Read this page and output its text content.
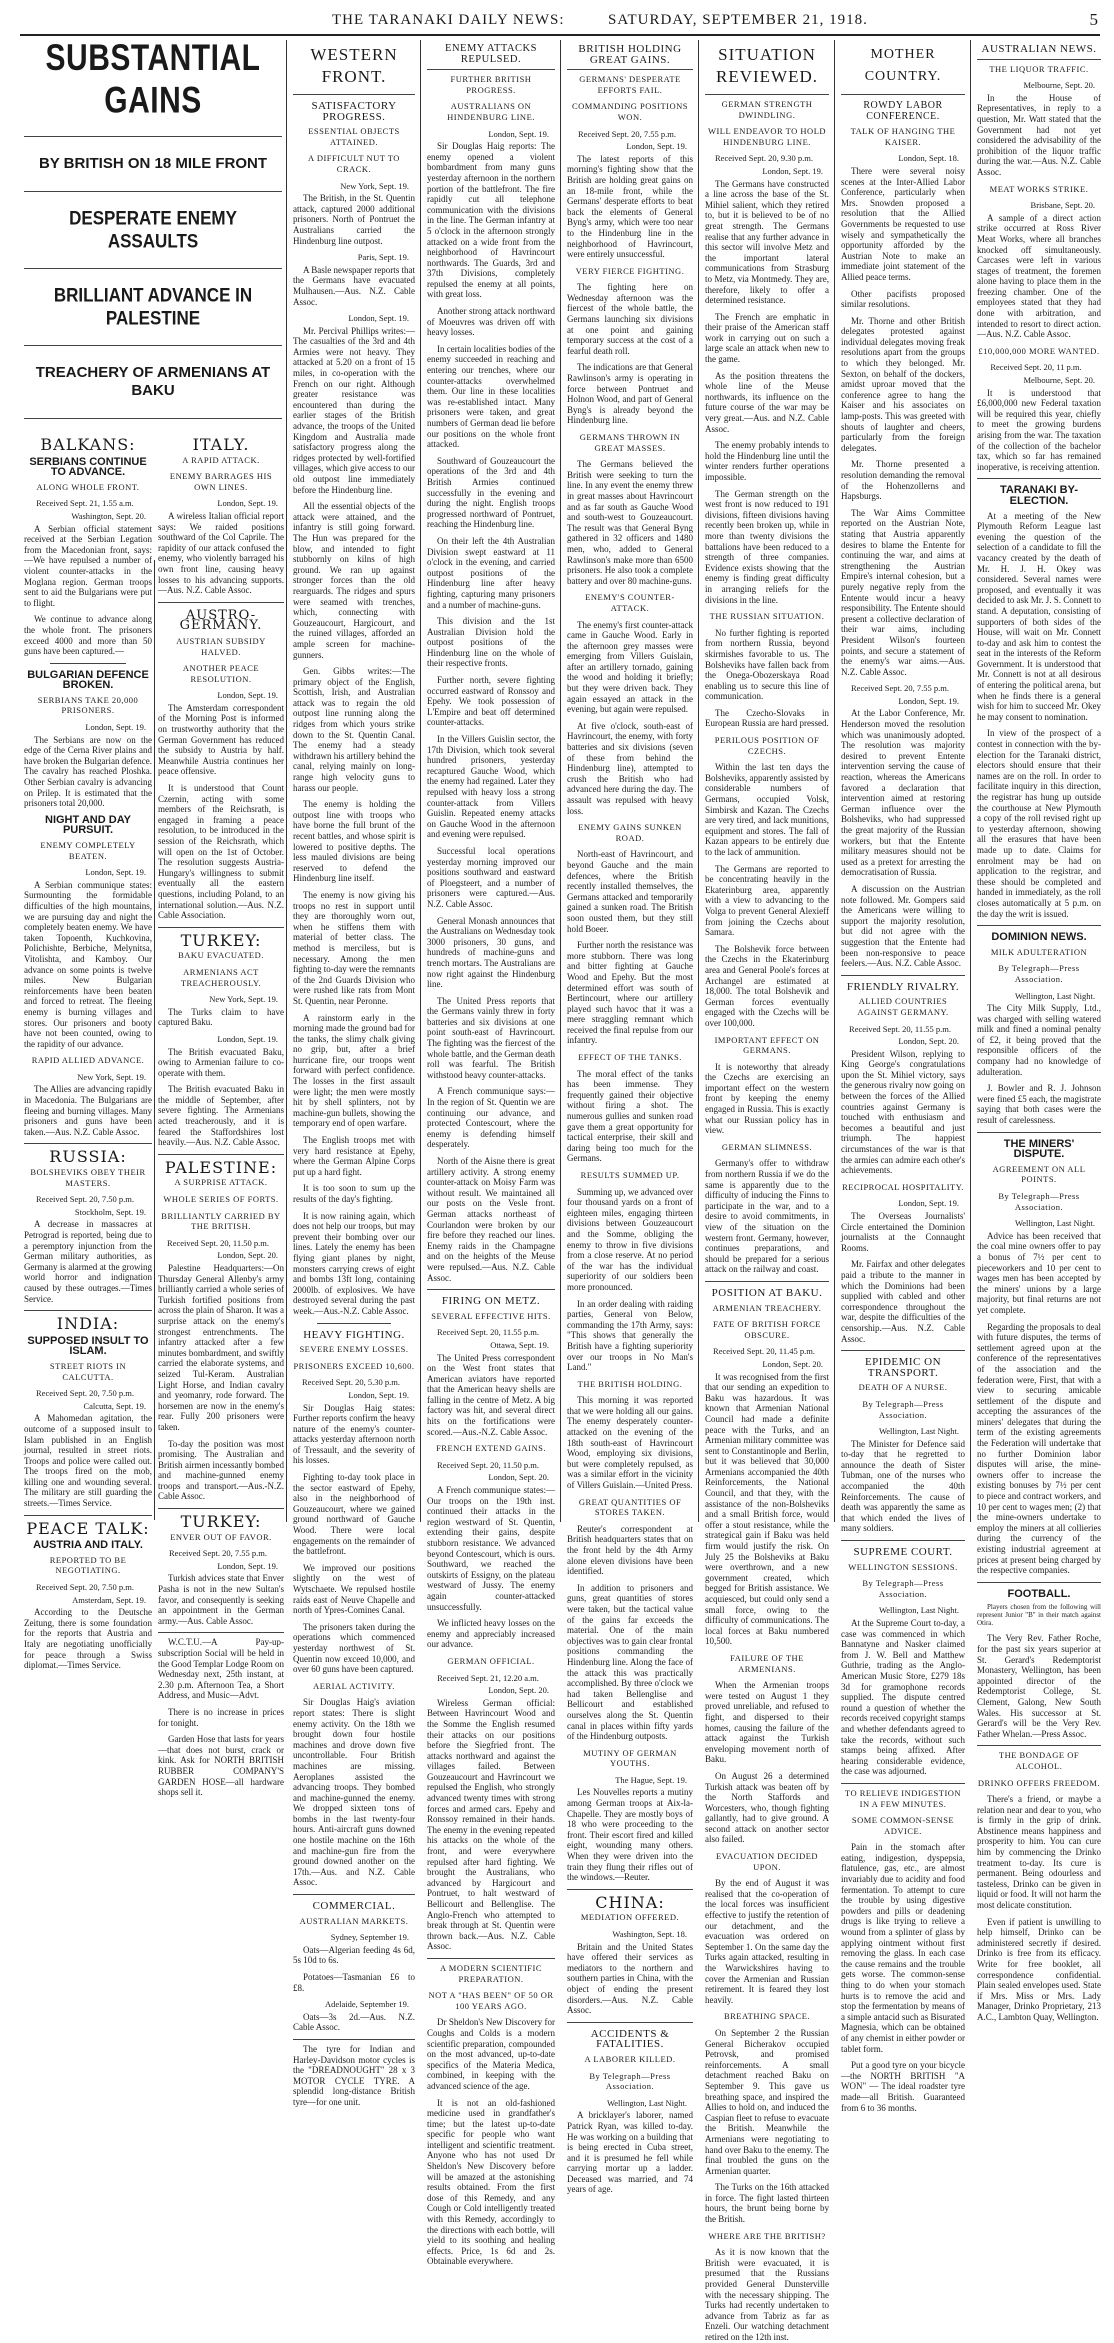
THE TARANAKI DAILY NEWS:	SATURDAY, SEPTEMBER 21, 1918.	5
SUBSTANTIAL GAINS
BY BRITISH ON 18 MILE FRONT
DESPERATE ENEMY ASSAULTS
BRILLIANT ADVANCE IN PALESTINE
TREACHERY OF ARMENIANS AT BAKU
BALKANS:
SERBIANS CONTINUE TO ADVANCE.
ALONG WHOLE FRONT.
Received Sept. 21, 1.55 a.m.
Washington, Sept. 20.

A Serbian official statement received at the Serbian Legation from the Macedonian front, says:—We have repulsed a number of violent counter-attacks in the Moglana region. German troops sent to aid the Bulgarians were put to flight.

We continue to advance along the whole front. The prisoners exceed 4000 and more than 50 guns have been captured.—

BULGARIAN DEFENCE BROKEN.
SERBIANS TAKE 20,000 PRISONERS.
London, Sept. 19.

The Serbians are now on the edge of the Cerna River plains and have broken the Bulgarian defence. The cavalry has reached Ploshka. Other Serbian cavalry is advancing on Prilep. It is estimated that the prisoners total 20,000.

NIGHT AND DAY PURSUIT.
ENEMY COMPLETELY BEATEN.
London, Sept. 19.

A Serbian communique states: Surmounting the formidable difficulties of the high mountains, we are pursuing day and night the completely beaten enemy. We have taken Topoenth, Kuchkovina, Polichishte, Berbiche, Melynitsa, Vitolishta, and Kamboy. Our advance on some points is twelve miles. New Bulgarian reinforcements have been beaten and forced to retreat. The fleeing enemy is burning villages and stores. Our prisoners and booty have not been counted, owing to the rapidity of our advance.

RAPID ALLIED ADVANCE.
New York, Sept. 19.

The Allies are advancing rapidly in Macedonia. The Bulgarians are fleeing and burning villages. Many prisoners and guns have been taken.—Aus. N.Z. Cable Assoc.

RUSSIA:
BOLSHEVIKS OBEY THEIR MASTERS.
Received Sept. 20, 7.50 p.m.
Stockholm, Sept. 19.

A decrease in massacres at Petrograd is reported, being due to a peremptory injunction from the German military authorities, as Germany is alarmed at the growing world horror and indignation caused by these outrages.—Times Service.

INDIA:
SUPPOSED INSULT TO ISLAM.
STREET RIOTS IN CALCUTTA.
Received Sept. 20, 7.50 p.m.
Calcutta, Sept. 19.

A Mahomedan agitation, the outcome of a supposed insult to Islam published in an English journal, resulted in street riots. Troops and police were called out. The troops fired on the mob, killing one and wounding several. The military are still guarding the streets.—Times Service.

PEACE TALK:
AUSTRIA AND ITALY.
REPORTED TO BE NEGOTIATING.
Received Sept. 20, 7.50 p.m.
Amsterdam, Sept. 19.

According to the Deutsche Zeitung, there is some foundation for the reports that Austria and Italy are negotiating unofficially for peace through a Swiss diplomat.—Times Service.

ITALY.
A RAPID ATTACK.
ENEMY BARRAGES HIS OWN LINES.
London, Sept. 19.

A wireless Italian official report says: We raided positions southward of the Col Caprile. The rapidity of our attack confused the enemy, who violently barraged his own front line, causing heavy losses to his advancing supports.—Aus. N.Z. Cable Assoc.

AUSTRO-GERMANY.
AUSTRIAN SUBSIDY HALVED.
ANOTHER PEACE RESOLUTION.
London, Sept. 19.

The Amsterdam correspondent of the Morning Post is informed on trustworthy authority that the German Government has reduced the subsidy to Austria by half. Meanwhile Austria continues her peace offensive.

It is understood that Count Czernin, acting with some members of the Reichsrath, is engaged in framing a peace resolution, to be introduced in the session of the Reichsrath, which will open on the 1st of October. The resolution suggests Austria-Hungary's willingness to submit eventually all the eastern questions, including Poland, to an international solution.—Aus. N.Z. Cable Association.

TURKEY:
BAKU EVACUATED.
ARMENIANS ACT TREACHEROUSLY.
New York, Sept. 19.

The Turks claim to have captured Baku.

London, Sept. 19.

The British evacuated Baku, owing to Armenian failure to co-operate with them.

The British evacuated Baku in the middle of September, after severe fighting. The Armenians acted treacherously, and it is feared the Staffordshires lost heavily.—Aus. N.Z. Cable Assoc.

PALESTINE:
A SURPRISE ATTACK.
WHOLE SERIES OF FORTS.
BRILLIANTLY CARRIED BY THE BRITISH.
Received Sept. 20, 11.50 p.m.
London, Sept. 20.

Palestine Headquarters:—On Thursday General Allenby's army brilliantly carried a whole series of Turkish fortified positions from across the plain of Sharon. It was a surprise attack on the enemy's strongest entrenchments. The infantry attacked after a few minutes bombardment, and swiftly carried the elaborate systems, and seized Tul-Keram. Australian Light Horse, and Indian cavalry and yeomanry, rode forward. The horsemen are now in the enemy's rear. Fully 200 prisoners were taken.

To-day the position was most promising. The Australian and British airmen incessantly bombed and machine-gunned enemy troops and transport.—Aus.-N.Z. Cable Assoc.

TURKEY:
ENVER OUT OF FAVOR.
Received Sept. 20, 7.55 p.m.
London, Sept. 19.

Turkish advices state that Enver Pasha is not in the new Sultan's favor, and consequently is seeking an appointment in the German army.—Aus. Cable Assoc.

W.C.T.U.—A Pay-up-subscription Social will be held in the Good Templar Lodge Room on Wednesday next, 25th instant, at 2.30 p.m. Afternoon Tea, a Short Address, and Music—Advt.

There is no increase in prices for tonight.

Garden Hose that lasts for years—that does not burst, crack or kink. Ask for NORTH BRITISH RUBBER COMPANY'S GARDEN HOSE—all hardware shops sell it.

WESTERN FRONT.
SATISFACTORY PROGRESS.
ESSENTIAL OBJECTS ATTAINED.
A DIFFICULT NUT TO CRACK.
New York, Sept. 19.

The British, in the St. Quentin attack, captured 2000 additional prisoners. North of Pontruet the Australians carried the Hindenburg line outpost.

Paris, Sept. 19.

A Basle newspaper reports that the Germans have evacuated Mulhausen.—Aus. N.Z. Cable Assoc.

London, Sept. 19.

Mr. Percival Phillips writes:—The casualties of the 3rd and 4th Armies were not heavy. They attacked at 5.20 on a front of 15 miles, in co-operation with the French on our right. Although greater resistance was encountered than during the earlier stages of the British advance, the troops of the United Kingdom and Australia made satisfactory progress along the ridges protected by well-fortified villages, which give access to our old outpost line immediately before the Hindenburg line.

All the essential objects of the attack were attained, and the infantry is still going forward. The Hun was prepared for the blow, and intended to fight stubbornly on kilns of high ground. We ran up against stronger forces than the old rearguards. The ridges and spurs were seamed with trenches, which, connecting with Gouzeaucourt, Hargicourt, and the ruined villages, afforded an ample screen for machine-gunners.

Gen. Gibbs writes:—The primary object of the English, Scottish, Irish, and Australian attack was to regain the old outpost line running along the ridges from which yours strike down to the St. Quentin Canal. The enemy had a steady withdrawn his artillery behind the canal, relying mainly on long-range high velocity guns to harass our people.

The enemy is holding the outpost line with troops who have borne the full brunt of the recent battles, and whose spirit is lowered to positive depths. The less mauled divisions are being reserved to defend the Hindenburg line itself.

The enemy is now giving his troops no rest in support until they are thoroughly worn out, when he stiffens them with material of better class. The method is merciless, but is necessary. Among the men fighting to-day were the remnants of the 2nd Guards Division who were rushed like rats from Mont St. Quentin, near Peronne.

A rainstorm early in the morning made the ground bad for the tanks, the slimy chalk giving no grip, but, after a brief hurricane fire, our troops went forward with perfect confidence. The losses in the first assault were light; the men were mostly hit by shell splinters, not by machine-gun bullets, showing the temporary end of open warfare.

The English troops met with very hard resistance at Epehy, where the German Alpine Corps put up a hard fight.

It is too soon to sum up the results of the day's fighting.

It is now raining again, which does not help our troops, but may prevent their bombing over our lines. Lately the enemy has been flying giant planes by night, monsters carrying crews of eight and bombs 13ft long, containing 2000lb. of explosives. We have destroyed several during the past week.—Aus.-N.Z. Cable Assoc.

HEAVY FIGHTING.
SEVERE ENEMY LOSSES.
PRISONERS EXCEED 10,600.
Received Sept. 20, 5.30 p.m.
London, Sept. 19.

Sir Douglas Haig states: Further reports confirm the heavy nature of the enemy's counter-attacks yesterday afternoon north of Tressault, and the severity of his losses.

Fighting to-day took place in the sector eastward of Epehy, also in the neighborhood of Gouzeaucourt, where we gained ground northward of Gauche Wood. There were local engagements on the remainder of the battlefront.

We improved our positions slightly on the west of Wytschaete. We repulsed hostile raids east of Neuve Chapelle and north of Ypres-Comines Canal.

The prisoners taken during the operations which commenced yesterday northwest of St. Quentin now exceed 10,000, and over 60 guns have been captured.

AERIAL ACTIVITY.

Sir Douglas Haig's aviation report states: There is slight enemy activity. On the 18th we brought down four hostile machines and drove down five uncontrollable. Four British machines are missing. Aeroplanes assisted the advancing troops. They bombed and machine-gunned the enemy. We dropped sixteen tons of bombs in the last twenty-four hours. Anti-aircraft guns downed one hostile machine on the 16th and machine-gun fire from the ground downed another on the 17th.—Aus. and N.Z. Cable Assoc.

COMMERCIAL.
AUSTRALIAN MARKETS.
Sydney, September 19.

Oats—Algerian feeding 4s 6d, 5s 10d to 6s.

Potatoes—Tasmanian £6 to £8.

Adelaide, September 19.

Oats—3s 2d.—Aus. N.Z. Cable Assoc.

The tyre for Indian and Harley-Davidson motor cycles is the "DREADNOUGHT" 28 x 3 MOTOR CYCLE TYRE. A splendid long-distance British tyre—for one unit.

ENEMY ATTACKS REPULSED.
FURTHER BRITISH PROGRESS.
AUSTRALIANS ON HINDENBURG LINE.
London, Sept. 19.

Sir Douglas Haig reports: The enemy opened a violent bombardment from many guns yesterday afternoon in the northern portion of the battlefront. The fire rapidly cut all telephone communication with the divisions in the line. The German infantry at 5 o'clock in the afternoon strongly attacked on a wide front from the neighborhood of Havrincourt northwards. The Guards, 3rd and 37th Divisions, completely repulsed the enemy at all points, with great loss.

Another strong attack northward of Moeuvres was driven off with heavy losses.

In certain localities bodies of the enemy succeeded in reaching and entering our trenches, where our counter-attacks overwhelmed them. Our line in these localities was re-established intact. Many prisoners were taken, and great numbers of German dead lie before our positions on the whole front attacked.

Southward of Gouzeaucourt the operations of the 3rd and 4th British Armies continued successfully in the evening and during the night. English troops progressed northward of Pontruet, reaching the Hindenburg line.

On their left the 4th Australian Division swept eastward at 11 o'clock in the evening, and carried outpost positions of the Hindenburg line after heavy fighting, capturing many prisoners and a number of machine-guns.

This division and the 1st Australian Division hold the outpost positions of the Hindenburg line on the whole of their respective fronts.

Further north, severe fighting occurred eastward of Ronssoy and Epehy. We took possession of L'Empire and beat off determined counter-attacks.

In the Villers Guislin sector, the 17th Division, which took several hundred prisoners, yesterday recaptured Gauche Wood, which the enemy had regained. Later they repulsed with heavy loss a strong counter-attack from Villers Guislin. Repeated enemy attacks on Gauche Wood in the afternoon and evening were repulsed.

Successful local operations yesterday morning improved our positions southward and eastward of Ploegsteert, and a number of prisoners were captured.—Aus. N.Z. Cable Assoc.

General Monash announces that the Australians on Wednesday took 3000 prisoners, 30 guns, and hundreds of machine-guns and trench mortars. The Australians are now right against the Hindenburg line.

The United Press reports that the Germans vainly threw in forty batteries and six divisions at one point south-east of Havrincourt. The fighting was the fiercest of the whole battle, and the German death roll was fearful. The British withstood heavy counter-attacks.

A French communique says:—In the region of St. Quentin we are continuing our advance, and protected Contescourt, where the enemy is defending himself desperately.

North of the Aisne there is great artillery activity. A strong enemy counter-attack on Moisy Farm was without result. We maintained all our posts on the Vesle front. German attacks northeast of Courlandon were broken by our fire before they reached our lines. Enemy raids in the Champagne and on the heights of the Meuse were repulsed.—Aus. N.Z. Cable Assoc.

FIRING ON METZ.
SEVERAL EFFECTIVE HITS.
Received Sept. 20, 11.55 p.m.
Ottawa, Sept. 19.

The United Press correspondent on the West front states that American aviators have reported that the American heavy shells are falling in the centre of Metz. A big factory was hit, and several direct hits on the fortifications were scored.—Aus.-N.Z. Cable Assoc.

FRENCH EXTEND GAINS.
Received Sept. 20, 11.50 p.m.
London, Sept. 20.

A French communique states:—Our troops on the 19th inst. continued their attacks in the region westward of St. Quentin, extending their gains, despite stubborn resistance. We advanced beyond Contescourt, which is ours. Southward, we reached the outskirts of Essigny, on the plateau westward of Jussy. The enemy again counter-attacked unsuccessfully.

We inflicted heavy losses on the enemy and appreciably increased our advance.

GERMAN OFFICIAL.
Received Sept. 21, 12.20 a.m.
London, Sept. 20.

Wireless German official: Between Havrincourt Wood and the Somme the English resumed their attacks on our positions before the Siegfried front. The attacks northward and against the villages failed. Between Gouzeaucourt and Havrincourt we repulsed the English, who strongly advanced twenty times with strong forces and armed cars. Epehy and Ronssoy remained in their hands. The enemy in the evening repeated his attacks on the whole of the front, and were everywhere repulsed after hard fighting. We brought the Australians, who advanced by Hargicourt and Pontruet, to halt westward of Bellicourt and Bellenglise. The Anglo-French who attempted to break through at St. Quentin were thrown back.—Aus. N.Z. Cable Assoc.

A MODERN SCIENTIFIC PREPARATION.
NOT A "HAS BEEN" OF 50 OR 100 YEARS AGO.

Dr Sheldon's New Discovery for Coughs and Colds is a modern scientific preparation, compounded on the most advanced, up-to-date specifics of the Materia Medica, combined, in keeping with the advanced science of the age.

It is not an old-fashioned medicine used in grandfather's time; but the latest up-to-date specific for people who want intelligent and scientific treatment. Anyone who has not used Dr Sheldon's New Discovery before will be amazed at the astonishing results obtained. From the first dose of this Remedy, and any Cough or Cold intelligently treated with this Remedy, accordingly to the directions with each bottle, will yield to its soothing and healing effects. Price, 1s 6d and 2s. Obtainable everywhere.

BRITISH HOLDING GREAT GAINS.
GERMANS' DESPERATE EFFORTS FAIL.
COMMANDING POSITIONS WON.
Received Sept. 20, 7.55 p.m.
London, Sept. 19.

The latest reports of this morning's fighting show that the British are holding great gains on an 18-mile front, while the Germans' desperate efforts to beat back the elements of General Byng's army, which were too near to the Hindenburg line in the neighborhood of Havrincourt, were entirely unsuccessful.

VERY FIERCE FIGHTING.

The fighting here on Wednesday afternoon was the fiercest of the whole battle, the Germans launching six divisions at one point and gaining temporary success at the cost of a fearful death roll.

The indications are that General Rawlinson's army is operating in force between Pontruet and Holnon Wood, and part of General Byng's is already beyond the Hindenburg line.

GERMANS THROWN IN GREAT MASSES.

The Germans believed the British were seeking to turn the line. In any event the enemy threw in great masses about Havrincourt and as far south as Gauche Wood and south-west to Gouzeaucourt. The result was that General Byng gathered in 32 officers and 1480 men, who, added to General Rawlinson's make more than 6500 prisoners. He also took a complete battery and over 80 machine-guns.

ENEMY'S COUNTER-ATTACK.

The enemy's first counter-attack came in Gauche Wood. Early in the afternoon grey masses were emerging from Villers Guislain, after an artillery tornado, gaining the wood and holding it briefly; but they were driven back. They again essayed an attack in the evening, but again were repulsed.

At five o'clock, south-east of Havrincourt, the enemy, with forty batteries and six divisions (seven of these from behind the Hindenburg line), attempted to crush the British who had advanced here during the day. The assault was repulsed with heavy loss.

ENEMY GAINS SUNKEN ROAD.

North-east of Havrincourt, and beyond Gauche and the main defences, where the British recently installed themselves, the Germans attacked and temporarily gained a sunken road. The British soon ousted them, but they still hold Boeer.

Further north the resistance was more stubborn. There was long and bitter fighting at Gauche Wood and Epehy. But the most determined effort was south of Bertincourt, where our artillery played such havoc that it was a mere straggling remnant which received the final repulse from our infantry.

EFFECT OF THE TANKS.

The moral effect of the tanks has been immense. They frequently gained their objective without firing a shot. The numerous gullies and sunken road gave them a great opportunity for tactical enterprise, their skill and daring being too much for the Germans.

RESULTS SUMMED UP.

Summing up, we advanced over four thousand yards on a front of eighteen miles, engaging thirteen divisions between Gouzeaucourt and the Somme, obliging the enemy to throw in five divisions from a close reserve. At no period of the war has the individual superiority of our soldiers been more pronounced.

In an order dealing with raiding parties, General von Below, commanding the 17th Army, says: "This shows that generally the British have a fighting superiority over our troops in No Man's Land."

THE BRITISH HOLDING.

This morning it was reported that we were holding all our gains. The enemy desperately counter-attacked on the evening of the 18th south-east of Havrincourt Wood, employing six divisions, but were completely repulsed, as was a similar effort in the vicinity of Villers Guislain.—United Press.

GREAT QUANTITIES OF STORES TAKEN.

Reuter's correspondent at British headquarters states that on the front held by the 4th Army alone eleven divisions have been identified.

In addition to prisoners and guns, great quantities of stores were taken, but the tactical value of the gains far exceeds the material. One of the main objectives was to gain clear frontal positions commanding the Hindenburg line. Along the face of the attack this was practically accomplished. By three o'clock we had taken Bellenglise and Bellicourt and established ourselves along the St. Quentin canal in places within fifty yards of the Hindenburg outposts.

MUTINY OF GERMAN YOUTHS.
The Hague, Sept. 19.

Les Nouvelles reports a mutiny among German troops at Aix-la-Chapelle. They are mostly boys of 18 who were proceeding to the front. Their escort fired and killed eight, wounding many others. When they were driven into the train they flung their rifles out of the windows.—Reuter.

CHINA:
MEDIATION OFFERED.
Washington, Sept. 18.

Britain and the United States have offered their services as mediators to the northern and southern parties in China, with the object of ending the present disorders.—Aus. N.Z. Cable Assoc.

ACCIDENTS & FATALITIES.
A LABORER KILLED.
By Telegraph—Press Association.
Wellington, Last Night.

A bricklayer's laborer, named Patrick Ryan, was killed to-day. He was working on a building that is being erected in Cuba street, and it is presumed he fell while carrying mortar up a ladder. Deceased was married, and 74 years of age.

SITUATION REVIEWED.
GERMAN STRENGTH DWINDLING.
WILL ENDEAVOR TO HOLD HINDENBURG LINE.
Received Sept. 20, 9.30 p.m.
London, Sept. 19.

The Germans have constructed a line across the base of the St. Mihiel salient, which they retired to, but it is believed to be of no great strength. The Germans realise that any further advance in this sector will involve Metz and the important lateral communications from Strasburg to Metz, via Montmedy. They are, therefore, likely to offer a determined resistance.

The French are emphatic in their praise of the American staff work in carrying out on such a large scale an attack when new to the game.

As the position threatens the whole line of the Meuse northwards, its influence on the future course of the war may be very great.—Aus. and N.Z. Cable Assoc.

The enemy probably intends to hold the Hindenburg line until the winter renders further operations impossible.

The German strength on the west front is now reduced to 191 divisions, fifteen divisions having recently been broken up, while in more than twenty divisions the battalions have been reduced to a strength of three companies. Evidence exists showing that the enemy is finding great difficulty in arranging reliefs for the divisions in the line.

THE RUSSIAN SITUATION.

No further fighting is reported from northern Russia, beyond skirmishes favorable to us. The Bolsheviks have fallen back from the Onega-Obozerskaya Road enabling us to secure this line of communication.

The Czecho-Slovaks in European Russia are hard pressed.

PERILOUS POSITION OF CZECHS.

Within the last ten days the Bolsheviks, apparently assisted by considerable numbers of Germans, occupied Volsk, Simbirsk and Kazan. The Czechs are very tired, and lack munitions, equipment and stores. The fall of Kazan appears to be entirely due to the lack of ammunition.

The Germans are reported to be concentrating heavily in the Ekaterinburg area, apparently with a view to advancing to the Volga to prevent General Alexieff from joining the Czechs about Samara.

The Bolshevik force between the Czechs in the Ekaterinburg area and General Poole's forces at Archangel are estimated at 18,000. The total Bolshevik and German forces eventually engaged with the Czechs will be over 100,000.

IMPORTANT EFFECT ON GERMANS.

It is noteworthy that already the Czechs are exercising an important effect on the western front by keeping the enemy engaged in Russia. This is exactly what our Russian policy has in view.

GERMAN SLIMNESS.

Germany's offer to withdraw from northern Russia if we do the same is apparently due to the difficulty of inducing the Finns to participate in the war, and to a desire to avoid commitments, in view of the situation on the western front. Germany, however, continues preparations, and should be prepared for a serious attack on the railway and coast.

POSITION AT BAKU.
ARMENIAN TREACHERY.
FATE OF BRITISH FORCE OBSCURE.
Received Sept. 20, 11.45 p.m.
London, Sept. 20.

It was recognised from the first that our sending an expedition to Baku was hazardous. It was known that Armenian National Council had made a definite peace with the Turks, and an Armenian military committee was sent to Constantinople and Berlin, but it was believed that 30,000 Armenians accompanied the 40th Reinforcements, the National Council, and that they, with the assistance of the non-Bolsheviks and a small British force, would offer a stout resistance, while the strategical gain if Baku was held firm would justify the risk. On July 25 the Bolsheviks at Baku were overthrown, and a new government created, which begged for British assistance. We acquiesced, but could only send a small force, owing to the difficulty of communications. The local forces at Baku numbered 10,500.

FAILURE OF THE ARMENIANS.

When the Armenian troops were tested on August 1 they proved unreliable, and refused to fight, and dispersed to their homes, causing the failure of the attack against the Turkish enveloping movement north of Baku.

On August 26 a determined Turkish attack was beaten off by the North Staffords and Worcesters, who, though fighting gallantly, had to give ground. A second attack on another sector also failed.

EVACUATION DECIDED UPON.

By the end of August it was realised that the co-operation of the local forces was insufficient effective to justify the retention of our detachment, and the evacuation was ordered on September 1. On the same day the Turks again attacked, resulting in the Warwickshires having to cover the Armenian and Russian retirement. It is feared they lost heavily.

BREATHING SPACE.

On September 2 the Russian General Bicherakov occupied Petrovsk, and promised reinforcements. A small detachment reached Baku on September 9. This gave us breathing space, and inspired the Allies to hold on, and induced the Caspian fleet to refuse to evacuate the British. Meanwhile the Armenians were negotiating to hand over Baku to the enemy. The final troubled the guns on the Armenian quarter.

The Turks on the 16th attacked in force. The fight lasted thirteen hours, the brunt being borne by the British.

WHERE ARE THE BRITISH?

As it is now known that the British were evacuated, it is presumed that the Russians provided General Dunsterville with the necessary shipping. The Turks had recently undertaken to advance from Tabriz as far as Enzeli. Our watching detachment retired on the 12th inst.

MOTHER COUNTRY.
ROWDY LABOR CONFERENCE.
TALK OF HANGING THE KAISER.
London, Sept. 18.

There were several noisy scenes at the Inter-Allied Labor Conference, particularly when Mrs. Snowden proposed a resolution that the Allied Governments be requested to use wisely and sympathetically the opportunity afforded by the Austrian Note to make an immediate joint statement of the Allied peace terms.

Other pacifists proposed similar resolutions.

Mr. Thorne and other British delegates protested against individual delegates moving freak resolutions apart from the groups to which they belonged. Mr. Sexton, on behalf of the dockers, amidst uproar moved that the conference agree to hang the Kaiser and his associates on lamp-posts. This was greeted with shouts of laughter and cheers, particularly from the foreign delegates.

Mr. Thorne presented a resolution demanding the removal of the Hohenzollerns and Hapsburgs.

The War Aims Committee reported on the Austrian Note, stating that Austria apparently desires to blame the Entente for continuing the war, and aims at strengthening the Austrian Empire's internal cohesion, but a purely negative reply from the Entente would incur a heavy responsibility. The Entente should present a collective declaration of their war aims, including President Wilson's fourteen points, and secure a statement of the enemy's war aims.—Aus. N.Z. Cable Assoc.

Received Sept. 20, 7.55 p.m.
London, Sept. 19.

At the Labor Conference, Mr. Henderson moved the resolution which was unanimously adopted. The resolution was majority desired to prevent Entente intervention serving the cause of reaction, whereas the Americans favored a declaration that intervention aimed at restoring German influence over the Bolsheviks, who had suppressed the great majority of the Russian workers, but that the Entente military measures should not be used as a pretext for arresting the democratisation of Russia.

A discussion on the Austrian note followed. Mr. Gompers said the Americans were willing to support the majority resolution, but did not agree with the suggestion that the Entente had been non-responsive to peace feelers.—Aus. N.Z. Cable Assoc.

FRIENDLY RIVALRY.
ALLIED COUNTRIES AGAINST GERMANY.
Received Sept. 20, 11.55 p.m.
London, Sept. 20.

President Wilson, replying to King George's congratulations upon the St. Mihiel victory, says the generous rivalry now going on between the forces of the Allied countries against Germany is touched with enthusiasm and becomes a beautiful and just triumph. The happiest circumstances of the war is that the armies can admire each other's achievements.

RECIPROCAL HOSPITALITY.
London, Sept. 19.

The Overseas Journalists' Circle entertained the Dominion journalists at the Connaught Rooms.

Mr. Fairfax and other delegates paid a tribute to the manner in which the Dominions had been supplied with cabled and other correspondence throughout the war, despite the difficulties of the censorship.—Aus. N.Z. Cable Assoc.

EPIDEMIC ON TRANSPORT.
DEATH OF A NURSE.
By Telegraph—Press Association.
Wellington, Last Night.

The Minister for Defence said to-day that he regretted to announce the death of Sister Tubman, one of the nurses who accompanied the 40th Reinforcements. The cause of death was apparently the same as that which ended the lives of many soldiers.

SUPREME COURT.
WELLINGTON SESSIONS.
By Telegraph—Press Association.
Wellington, Last Night.

At the Supreme Court to-day, a case was commenced in which Bannatyne and Nasker claimed from J. W. Bell and Matthew Guthrie, trading as the Anglo-American Music Store, £279 18s 3d for gramophone records supplied. The dispute centred round a question of whether the records received copyright stamps and whether defendants agreed to take the records, without such stamps being affixed. After hearing considerable evidence, the case was adjourned.

TO RELIEVE INDIGESTION IN A FEW MINUTES.
SOME COMMON-SENSE ADVICE.

Pain in the stomach after eating, indigestion, dyspepsia, flatulence, gas, etc., are almost invariably due to acidity and food fermentation. To attempt to cure the trouble by using digestive powders and pills or deadening drugs is like trying to relieve a wound from a splinter of glass by applying ointment without first removing the glass. In each case the cause remains and the trouble gets worse. The common-sense thing to do when your stomach hurts is to remove the acid and stop the fermentation by means of a simple antacid such as Bisurated Magnesia, which can be obtained of any chemist in either powder or tablet form.

Put a good tyre on your bicycle—the NORTH BRITISH "A WON" — The ideal roadster tyre made—all British. Guaranteed from 6 to 36 months.

AUSTRALIAN NEWS.
THE LIQUOR TRAFFIC.
Melbourne, Sept. 20.

In the House of Representatives, in reply to a question, Mr. Watt stated that the Government had not yet considered the advisability of the prohibition of the liquor traffic during the war.—Aus. N.Z. Cable Assoc.

MEAT WORKS STRIKE.
Brisbane, Sept. 20.

A sample of a direct action strike occurred at Ross River Meat Works, where all branches knocked off simultaneously. Carcases were left in various stages of treatment, the foremen alone having to place them in the freezing chamber. One of the employees stated that they had done with arbitration, and intended to resort to direct action.—Aus. N.Z. Cable Assoc.

£10,000,000 MORE WANTED.
Received Sept. 20, 11 p.m.
Melbourne, Sept. 20.

It is understood that £6,000,000 new Federal taxation will be required this year, chiefly to meet the growing burdens arising from the war. The taxation of the collection of the bachelor tax, which so far has remained inoperative, is receiving attention.

TARANAKI BY-ELECTION.

At a meeting of the New Plymouth Reform League last evening the question of the selection of a candidate to fill the vacancy created by the death of Mr. H. J. H. Okey was considered. Several names were proposed, and eventually it was decided to ask Mr. J. S. Connett to stand. A deputation, consisting of supporters of both sides of the House, will wait on Mr. Connett to-day and ask him to contest the seat in the interests of the Reform Government. It is understood that Mr. Connett is not at all desirous of entering the political arena, but when he finds there is a general wish for him to succeed Mr. Okey he may consent to nomination.

In view of the prospect of a contest in connection with the by-election for the Taranaki district, electors should ensure that their names are on the roll. In order to facilitate inquiry in this direction, the registrar has hung up outside the courthouse at New Plymouth a copy of the roll revised right up to yesterday afternoon, showing all the erasures that have been made up to date. Claims for enrolment may be had on application to the registrar, and these should be completed and handed in immediately, as the roll closes automatically at 5 p.m. on the day the writ is issued.

DOMINION NEWS.
MILK ADULTERATION
By Telegraph—Press Association.
Wellington, Last Night.

The City Milk Supply, Ltd., was charged with selling watered milk and fined a nominal penalty of £2, it being proved that the responsible officers of the company had no knowledge of adulteration.

J. Bowler and R. J. Johnson were fined £5 each, the magistrate saying that both cases were the result of carelessness.

THE MINERS' DISPUTE.
AGREEMENT ON ALL POINTS.
By Telegraph—Press Association.
Wellington, Last Night.

Advice has been received that the coal mine owners offer to pay a bonus of 7½ per cent to pieceworkers and 10 per cent to wages men has been accepted by the miners' unions by a large majority, but final returns are not yet complete.

Regarding the proposals to deal with future disputes, the terms of settlement agreed upon at the conference of the representatives of the association and the federation were, First, that with a view to securing amicable settlement of the dispute and accepting the assurances of the miners' delegates that during the term of the existing agreements the Federation will undertake that no further Dominion labor disputes will arise, the mine-owners offer to increase the existing bonuses by 7½ per cent to piece and contract workers, and 10 per cent to wages men; (2) that the mine-owners undertake to employ the miners at all collieries during the currency of the existing industrial agreement at prices at present being charged by the respective companies.

FOOTBALL.

Players chosen from the following will represent Junior "B" in their match against Otira.

The Very Rev. Father Roche, for the past six years superior at St. Gerard's Redemptorist Monastery, Wellington, has been appointed director of the Redemptorist College, St. Clement, Galong, New South Wales. His successor at St. Gerard's will be the Very Rev. Father Whelan.—Press Assoc.

THE BONDAGE OF ALCOHOL.
DRINKO OFFERS FREEDOM.

There's a friend, or maybe a relation near and dear to you, who is firmly in the grip of drink. Abstinence means happiness and prosperity to him. You can cure him by commencing the Drinko treatment to-day. Its cure is permanent. Being odourless and tasteless, Drinko can be given in liquid or food. It will not harm the most delicate constitution.

Even if patient is unwilling to help himself, Drinko can be administered secretly if desired. Drinko is free from its efficacy. Write for free booklet, all correspondence confidential. Plain sealed envelopes used. State if Mrs. Miss or Mrs. Lady Manager, Drinko Proprietary, 213 A.C., Lambton Quay, Wellington.
